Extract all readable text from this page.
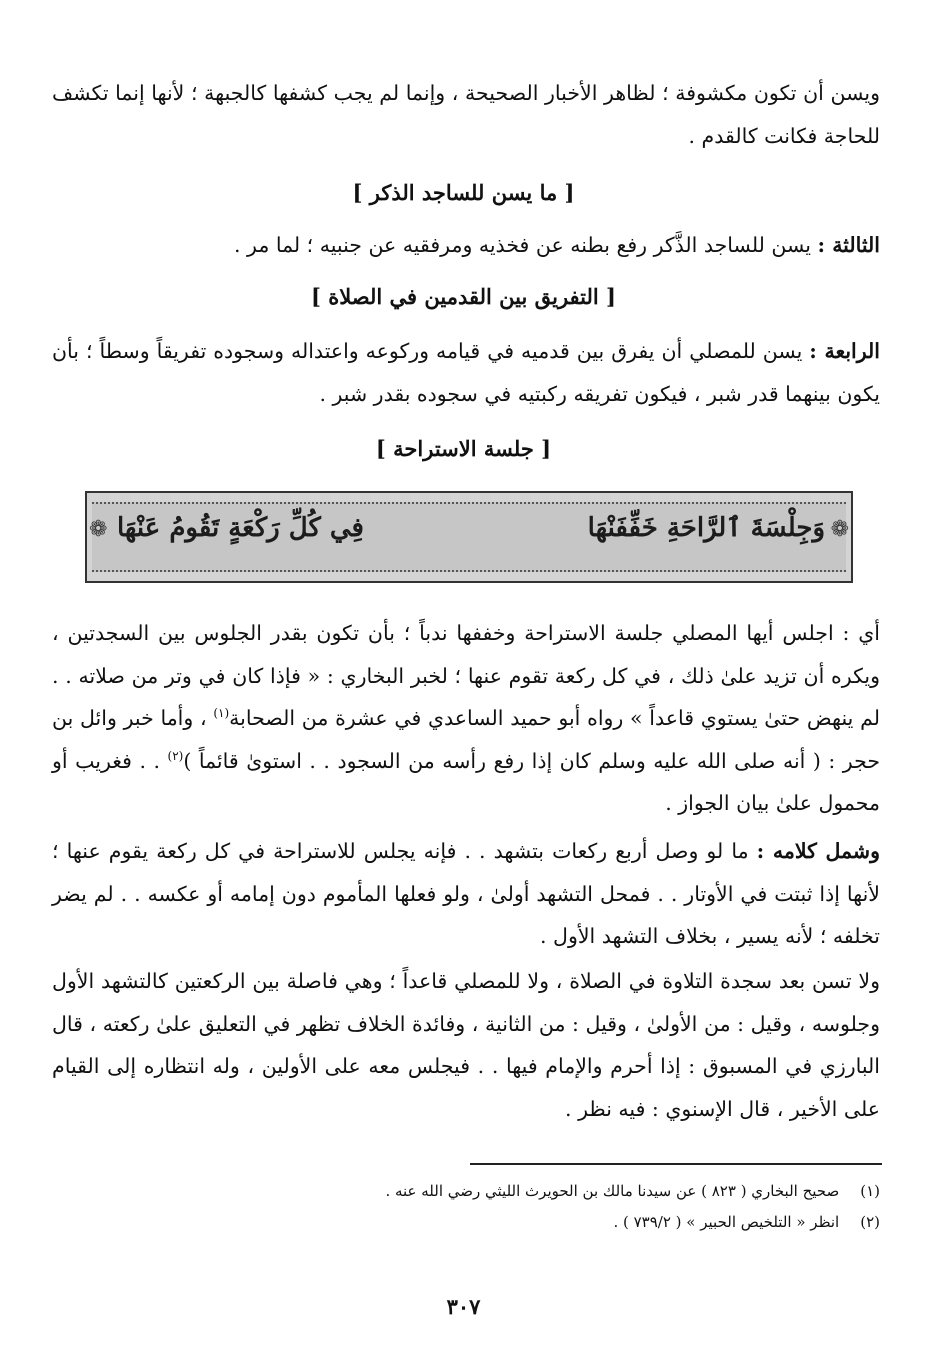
ويسن أن تكون مكشوفة ؛ لظاهر الأخبار الصحيحة ، وإنما لم يجب كشفها كالجبهة ؛ لأنها إنما تكشف للحاجة فكانت كالقدم .
[ ما يسن للساجد الذكر ]
الثالثة : يسن للساجد الذَّكر رفع بطنه عن فخذيه ومرفقيه عن جنبيه ؛ لما مر .
[ التفريق بين القدمين في الصلاة ]
الرابعة : يسن للمصلي أن يفرق بين قدميه في قيامه وركوعه واعتداله وسجوده تفريقاً وسطاً ؛ بأن يكون بينهما قدر شبر ، فيكون تفريقه ركبتيه في سجوده بقدر شبر .
[ جلسة الاستراحة ]
❁	❁
وَجِلْسَةَ ٱلرَّاحَةِ خَفِّفَنْهَا
فِي كُلِّ رَكْعَةٍ تَقُومُ عَنْهَا
أي : اجلس أيها المصلي جلسة الاستراحة وخففها ندباً ؛ بأن تكون بقدر الجلوس بين السجدتين ، ويكره أن تزيد علىٰ ذلك ، في كل ركعة تقوم عنها ؛ لخبر البخاري : « فإذا كان في وتر من صلاته . . لم ينهض حتىٰ يستوي قاعداً » رواه أبو حميد الساعدي في عشرة من الصحابة$^{(١)}$ ، وأما خبر وائل بن حجر : ( أنه صلى الله عليه وسلم كان إذا رفع رأسه من السجود . . استوىٰ قائماً )$^{(٢)}$ . . فغريب أو محمول علىٰ بيان الجواز .
وشمل كلامه : ما لو وصل أربع ركعات بتشهد . . فإنه يجلس للاستراحة في كل ركعة يقوم عنها ؛ لأنها إذا ثبتت في الأوتار . . فمحل التشهد أولىٰ ، ولو فعلها المأموم دون إمامه أو عكسه . . لم يضر تخلفه ؛ لأنه يسير ، بخلاف التشهد الأول .
ولا تسن بعد سجدة التلاوة في الصلاة ، ولا للمصلي قاعداً ؛ وهي فاصلة بين الركعتين كالتشهد الأول وجلوسه ، وقيل : من الأولىٰ ، وقيل : من الثانية ، وفائدة الخلاف تظهر في التعليق علىٰ ركعته ، قال البارزي في المسبوق : إذا أحرم والإمام فيها . . فيجلس معه على الأولين ، وله انتظاره إلى القيام على الأخير ، قال الإسنوي : فيه نظر .
(١) صحيح البخاري ( ٨٢٣ ) عن سيدنا مالك بن الحويرث الليثي رضي الله عنه .
(٢) انظر « التلخيص الحبير » ( ٧٣٩/٢ ) .
٣٠٧
